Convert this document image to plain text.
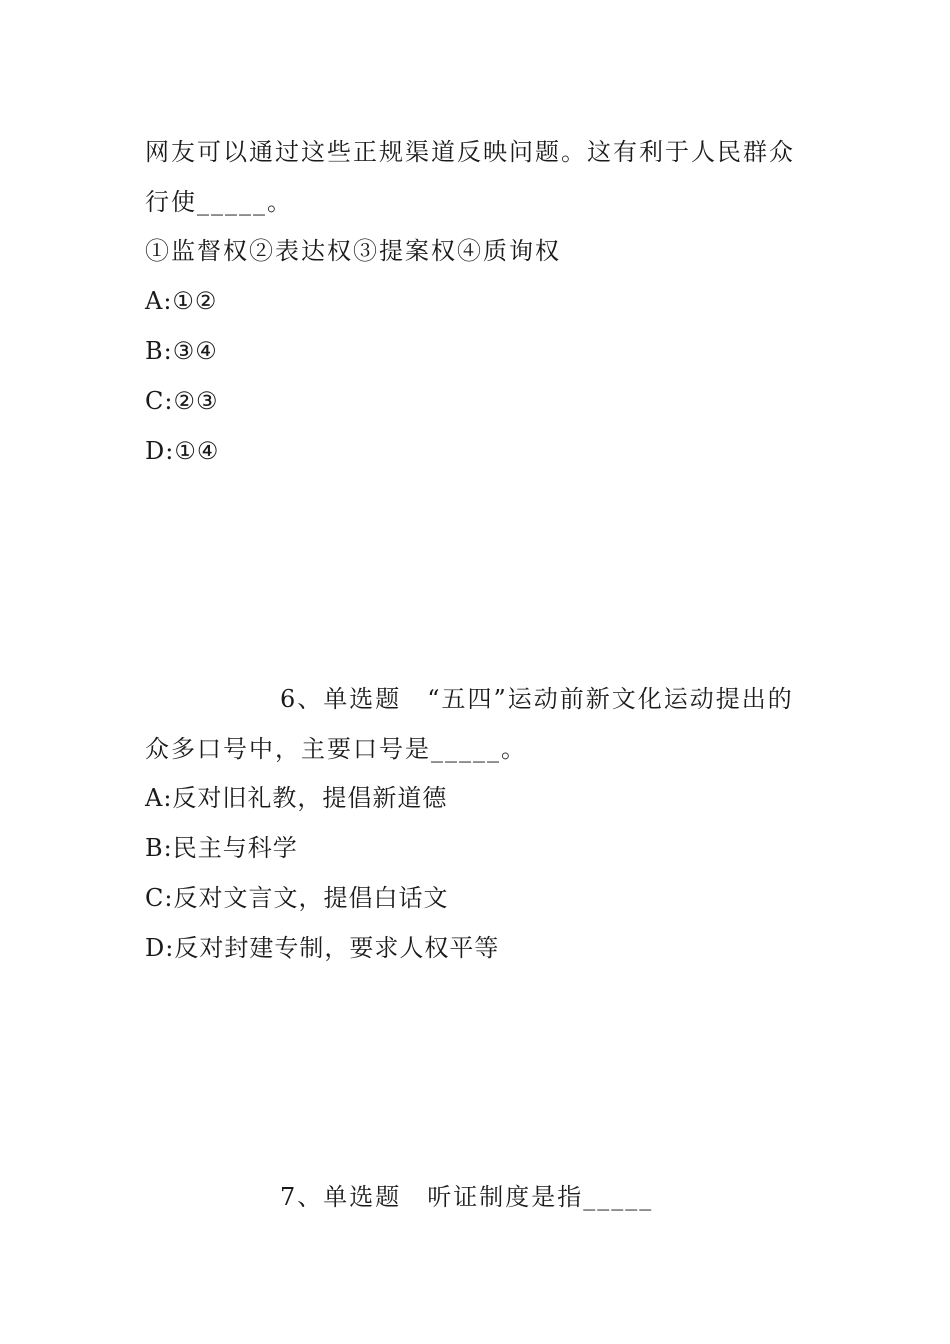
网友可以通过这些正规渠道反映问题。这有利于人民群众
行使_____。
①监督权②表达权③提案权④质询权
A:①②
B:③④
C:②③
D:①④
6、单选题　“五四”运动前新文化运动提出的
众多口号中，主要口号是_____。
A:反对旧礼教，提倡新道德
B:民主与科学
C:反对文言文，提倡白话文
D:反对封建专制，要求人权平等
7、单选题　听证制度是指_____
